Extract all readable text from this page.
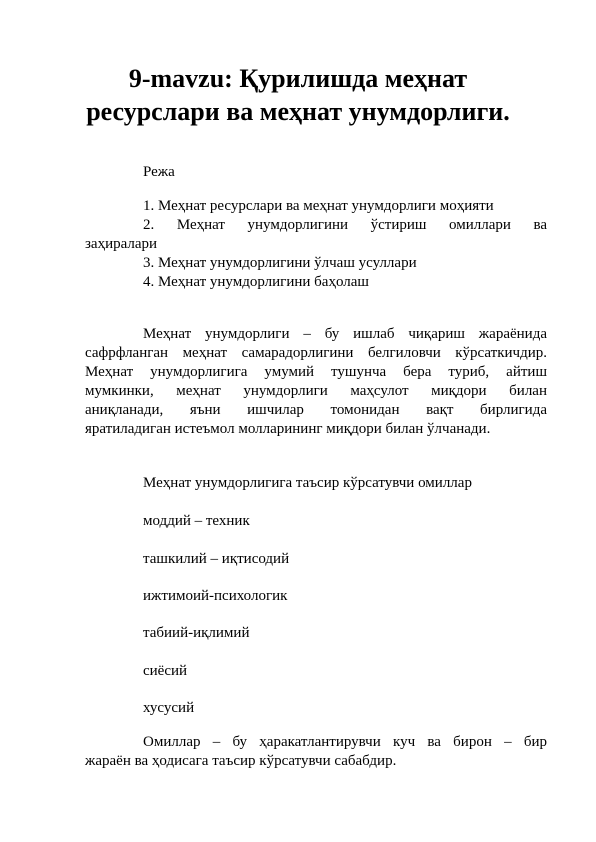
9-mavzu: Қурилишда меҳнат
ресурслари ва меҳнат унумдорлиги.
Режа
1. Меҳнат ресурслари ва меҳнат унумдорлиги моҳияти
2. Меҳнат унумдорлигини ўстириш омиллари ва
заҳиралари
3. Меҳнат унумдорлигини ўлчаш усуллари
4. Меҳнат унумдорлигини баҳолаш
Меҳнат унумдорлиги – бу ишлаб чиқариш жараёнида
сафрфланган меҳнат самарадорлигини белгиловчи кўрсаткичдир.
Меҳнат унумдорлигига умумий тушунча бера туриб, айтиш
мумкинки, меҳнат унумдорлиги маҳсулот миқдори билан
аниқланади, яъни ишчилар томонидан вақт бирлигида
яратиладиган истеъмол молларининг миқдори билан ўлчанади.
Меҳнат унумдорлигига таъсир кўрсатувчи омиллар
моддий – техник
ташкилий – иқтисодий
ижтимоий-психологик
табиий-иқлимий
сиёсий
хусусий
Омиллар – бу ҳаракатлантирувчи куч ва бирон – бир
жараён ва ҳодисага таъсир кўрсатувчи сабабдир.
